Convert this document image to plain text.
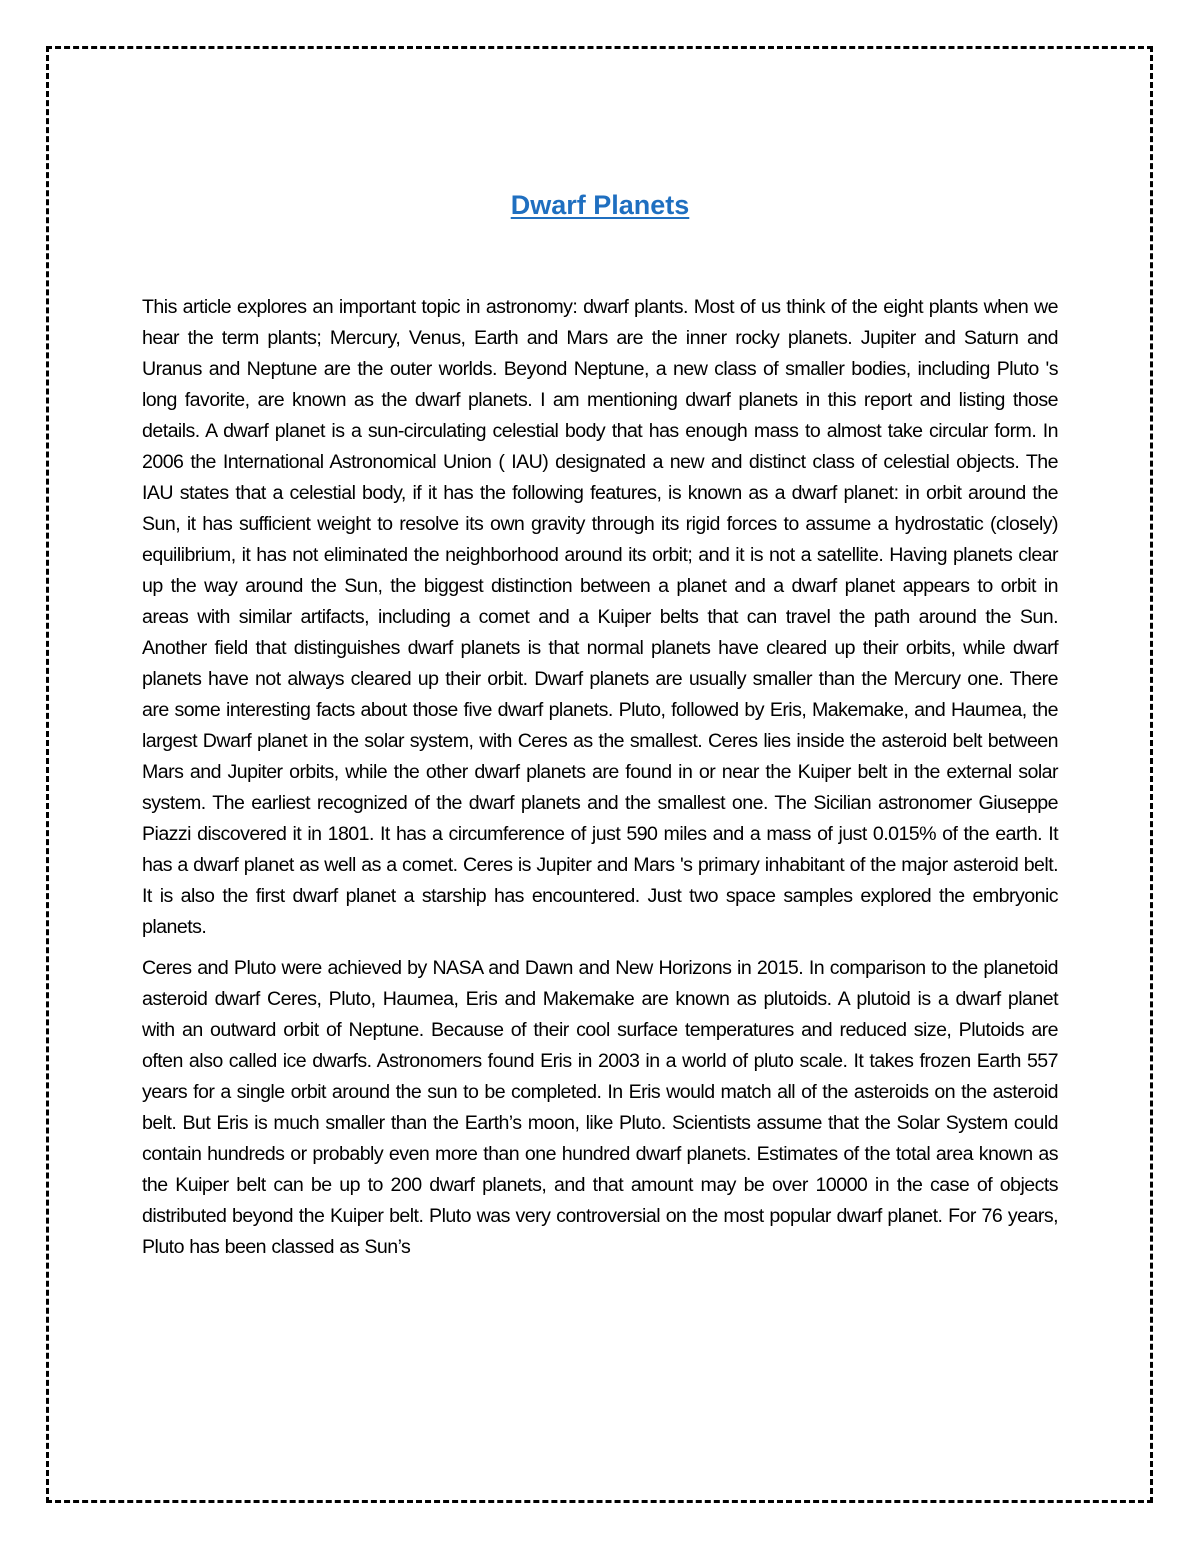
Dwarf Planets

This article explores an important topic in astronomy: dwarf plants. Most of us think of the eight plants when we hear the term plants; Mercury, Venus, Earth and Mars are the inner rocky planets. Jupiter and Saturn and Uranus and Neptune are the outer worlds. Beyond Neptune, a new class of smaller bodies, including Pluto 's long favorite, are known as the dwarf planets. I am mentioning dwarf planets in this report and listing those details. A dwarf planet is a sun-circulating celestial body that has enough mass to almost take circular form. In 2006 the International Astronomical Union ( IAU) designated a new and distinct class of celestial objects. The IAU states that a celestial body, if it has the following features, is known as a dwarf planet: in orbit around the Sun, it has sufficient weight to resolve its own gravity through its rigid forces to assume a hydrostatic (closely) equilibrium, it has not eliminated the neighborhood around its orbit; and it is not a satellite. Having planets clear up the way around the Sun, the biggest distinction between a planet and a dwarf planet appears to orbit in areas with similar artifacts, including a comet and a Kuiper belts that can travel the path around the Sun. Another field that distinguishes dwarf planets is that normal planets have cleared up their orbits, while dwarf planets have not always cleared up their orbit. Dwarf planets are usually smaller than the Mercury one. There are some interesting facts about those five dwarf planets. Pluto, followed by Eris, Makemake, and Haumea, the largest Dwarf planet in the solar system, with Ceres as the smallest. Ceres lies inside the asteroid belt between Mars and Jupiter orbits, while the other dwarf planets are found in or near the Kuiper belt in the external solar system. The earliest recognized of the dwarf planets and the smallest one. The Sicilian astronomer Giuseppe Piazzi discovered it in 1801. It has a circumference of just 590 miles and a mass of just 0.015% of the earth. It has a dwarf planet as well as a comet. Ceres is Jupiter and Mars 's primary inhabitant of the major asteroid belt. It is also the first dwarf planet a starship has encountered. Just two space samples explored the embryonic planets.

Ceres and Pluto were achieved by NASA and Dawn and New Horizons in 2015. In comparison to the planetoid asteroid dwarf Ceres, Pluto, Haumea, Eris and Makemake are known as plutoids. A plutoid is a dwarf planet with an outward orbit of Neptune. Because of their cool surface temperatures and reduced size, Plutoids are often also called ice dwarfs. Astronomers found Eris in 2003 in a world of pluto scale. It takes frozen Earth 557 years for a single orbit around the sun to be completed. In Eris would match all of the asteroids on the asteroid belt. But Eris is much smaller than the Earth’s moon, like Pluto. Scientists assume that the Solar System could contain hundreds or probably even more than one hundred dwarf planets. Estimates of the total area known as the Kuiper belt can be up to 200 dwarf planets, and that amount may be over 10000 in the case of objects distributed beyond the Kuiper belt. Pluto was very controversial on the most popular dwarf planet. For 76 years, Pluto has been classed as Sun’s
